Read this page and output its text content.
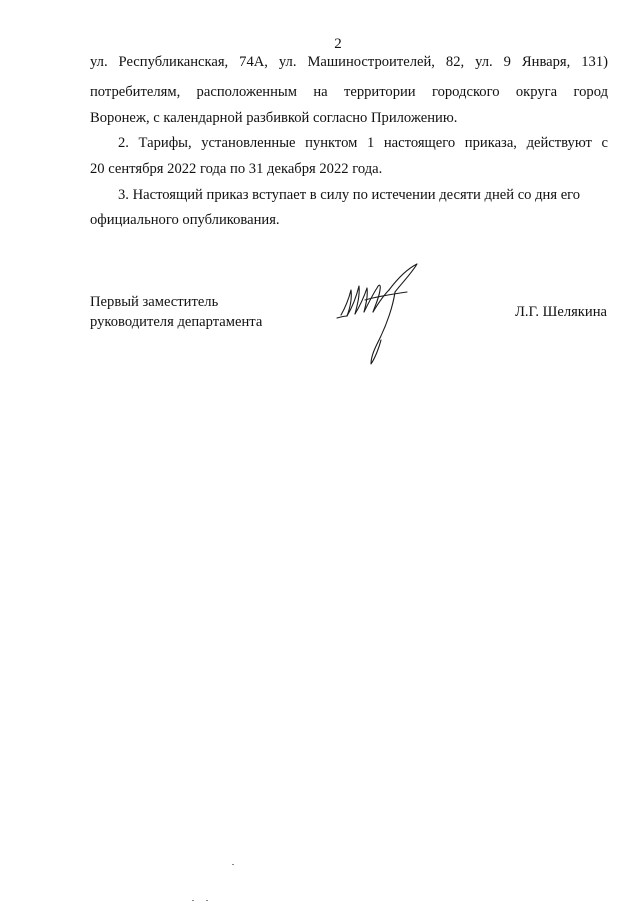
2
ул. Республиканская, 74А, ул. Машиностроителей, 82, ул. 9 Января, 131)
потребителям, расположенным на территории городского округа город
Воронеж, с календарной разбивкой согласно Приложению.
2. Тарифы, установленные пунктом 1 настоящего приказа, действуют с
20 сентября 2022 года по 31 декабря 2022 года.
3. Настоящий приказ вступает в силу по истечении десяти дней со дня его
официального опубликования.
Первый заместитель
руководителя департамента
Л.Г. Шелякина
